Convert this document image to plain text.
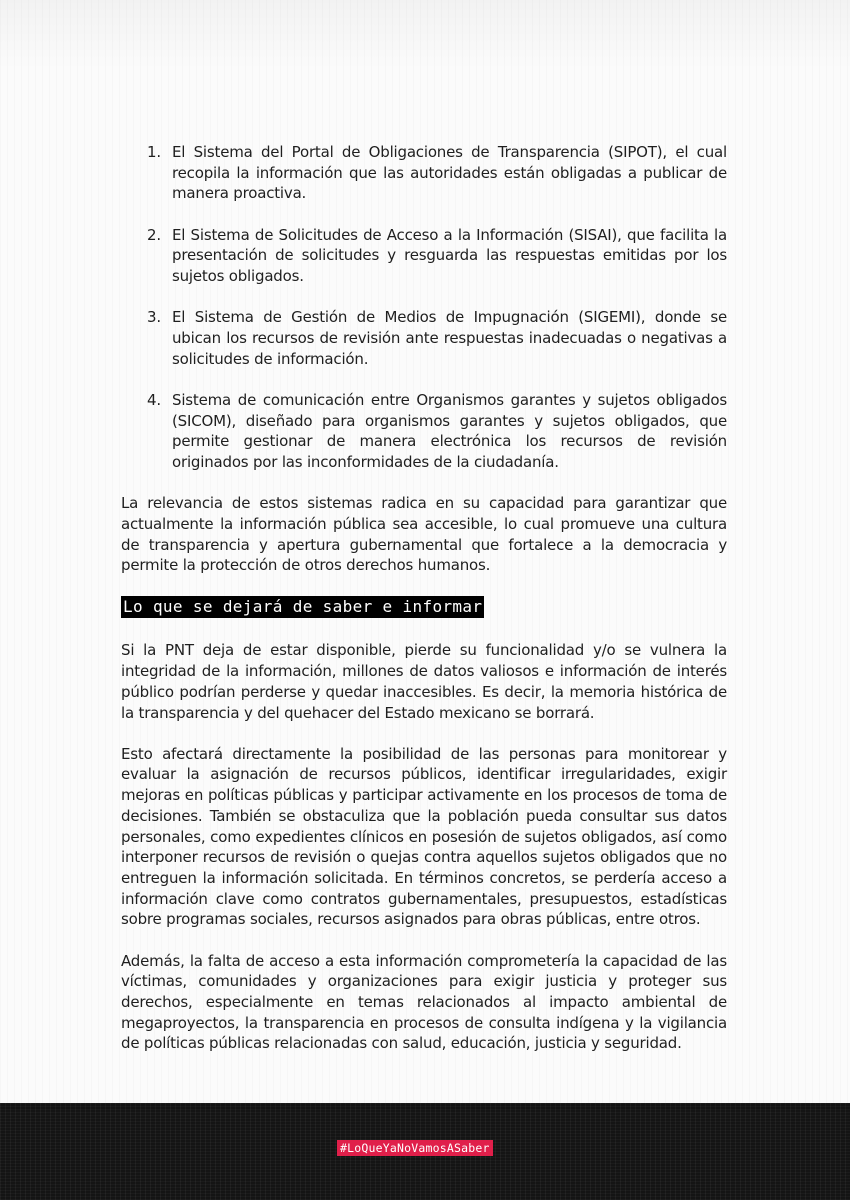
1. El Sistema del Portal de Obligaciones de Transparencia (SIPOT), el cual recopila la información que las autoridades están obligadas a publicar de manera proactiva.
2. El Sistema de Solicitudes de Acceso a la Información (SISAI), que facilita la presentación de solicitudes y resguarda las respuestas emitidas por los sujetos obligados.
3. El Sistema de Gestión de Medios de Impugnación (SIGEMI), donde se ubican los recursos de revisión ante respuestas inadecuadas o negativas a solicitudes de información.
4. Sistema de comunicación entre Organismos garantes y sujetos obligados (SICOM), diseñado para organismos garantes y sujetos obligados, que permite gestionar de manera electrónica los recursos de revisión originados por las inconformidades de la ciudadanía.

La relevancia de estos sistemas radica en su capacidad para garantizar que actualmente la información pública sea accesible, lo cual promueve una cultura de transparencia y apertura gubernamental que fortalece a la democracia y permite la protección de otros derechos humanos.

Lo que se dejará de saber e informar

Si la PNT deja de estar disponible, pierde su funcionalidad y/o se vulnera la integridad de la información, millones de datos valiosos e información de interés público podrían perderse y quedar inaccesibles. Es decir, la memoria histórica de la transparencia y del quehacer del Estado mexicano se borrará.

Esto afectará directamente la posibilidad de las personas para monitorear y evaluar la asignación de recursos públicos, identificar irregularidades, exigir mejoras en políticas públicas y participar activamente en los procesos de toma de decisiones. También se obstaculiza que la población pueda consultar sus datos personales, como expedientes clínicos en posesión de sujetos obligados, así como interponer recursos de revisión o quejas contra aquellos sujetos obligados que no entreguen la información solicitada. En términos concretos, se perdería acceso a información clave como contratos gubernamentales, presupuestos, estadísticas sobre programas sociales, recursos asignados para obras públicas, entre otros.

Además, la falta de acceso a esta información comprometería la capacidad de las víctimas, comunidades y organizaciones para exigir justicia y proteger sus derechos, especialmente en temas relacionados al impacto ambiental de megaproyectos, la transparencia en procesos de consulta indígena y la vigilancia de políticas públicas relacionadas con salud, educación, justicia y seguridad.

#LoQueYaNoVamosASaber
